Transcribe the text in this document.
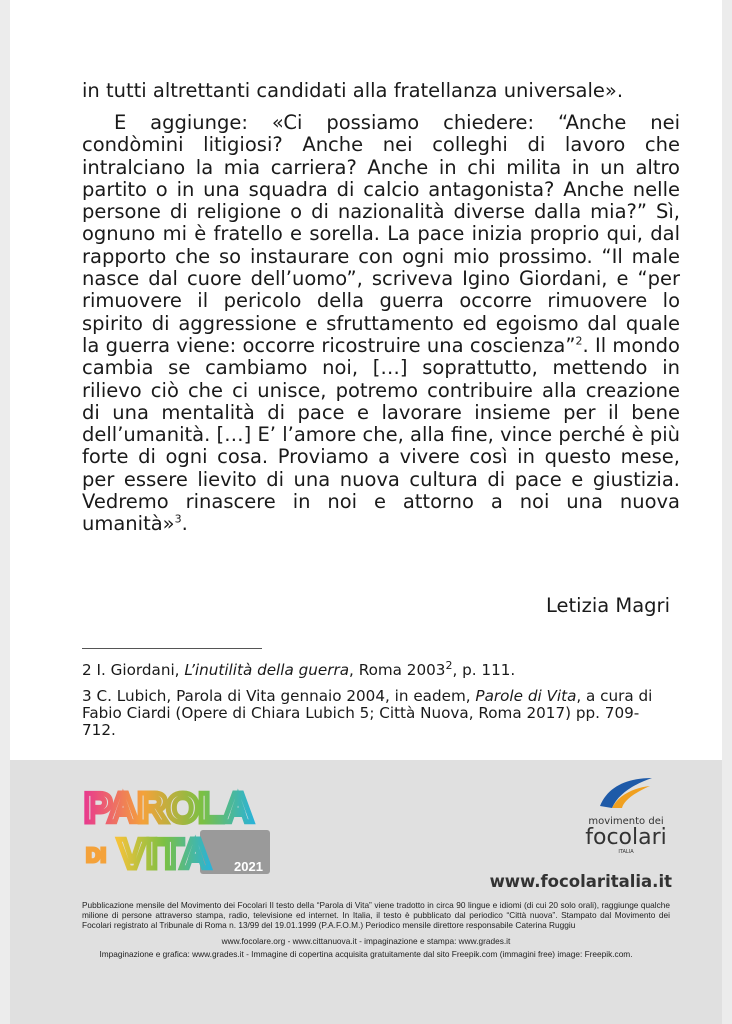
in tutti altrettanti candidati alla fratellanza universale».

E aggiunge: «Ci possiamo chiedere: “Anche nei condòmini litigiosi? Anche nei colleghi di lavoro che intralciano la mia carriera? Anche in chi milita in un altro partito o in una squadra di calcio antagonista? Anche nelle persone di religione o di nazionalità diverse dalla mia?” Sì, ognuno mi è fratello e sorella. La pace inizia proprio qui, dal rapporto che so instaurare con ogni mio prossimo. “Il male nasce dal cuore dell’uomo”, scriveva Igino Giordani, e “per rimuovere il pericolo della guerra occorre rimuovere lo spirito di aggressione e sfruttamento ed egoismo dal quale la guerra viene: occorre ricostruire una coscienza”$^2$. Il mondo cambia se cambiamo noi, […] soprattutto, mettendo in rilievo ciò che ci unisce, potremo contribuire alla creazione di una mentalità di pace e lavorare insieme per il bene dell’umanità. […] E’ l’amore che, alla fine, vince perché è più forte di ogni cosa. Proviamo a vivere così in questo mese, per essere lievito di una nuova cultura di pace e giustizia. Vedremo rinascere in noi e attorno a noi una nuova umanità»$^3$.

Letizia Magri
2 I. Giordani, L’inutilità della guerra, Roma 2003$^2$, p. 111.
3 C. Lubich, Parola di Vita gennaio 2004, in eadem, Parole di Vita, a cura di Fabio Ciardi (Opere di Chiara Lubich 5; Città Nuova, Roma 2017) pp. 709-712.
PAROLA
DI VITA 2021
movimento dei
focolari
ITALIA
www.focolaritalia.it
Pubblicazione mensile del Movimento dei Focolari Il testo della “Parola di Vita” viene tradotto in circa 90 lingue e idiomi (di cui 20 solo orali), raggiunge qualche milione di persone attraverso stampa, radio, televisione ed internet. In Italia, il testo è pubblicato dal periodico “Città nuova”. Stampato dal Movimento dei Focolari registrato al Tribunale di Roma n. 13/99 del 19.01.1999 (P.A.F.O.M.) Periodico mensile direttore responsabile Caterina Ruggiu
www.focolare.org - www.cittanuova.it - impaginazione e stampa: www.grades.it
Impaginazione e grafica: www.grades.it - Immagine di copertina acquisita gratuitamente dal sito Freepik.com (immagini free) image: Freepik.com.
